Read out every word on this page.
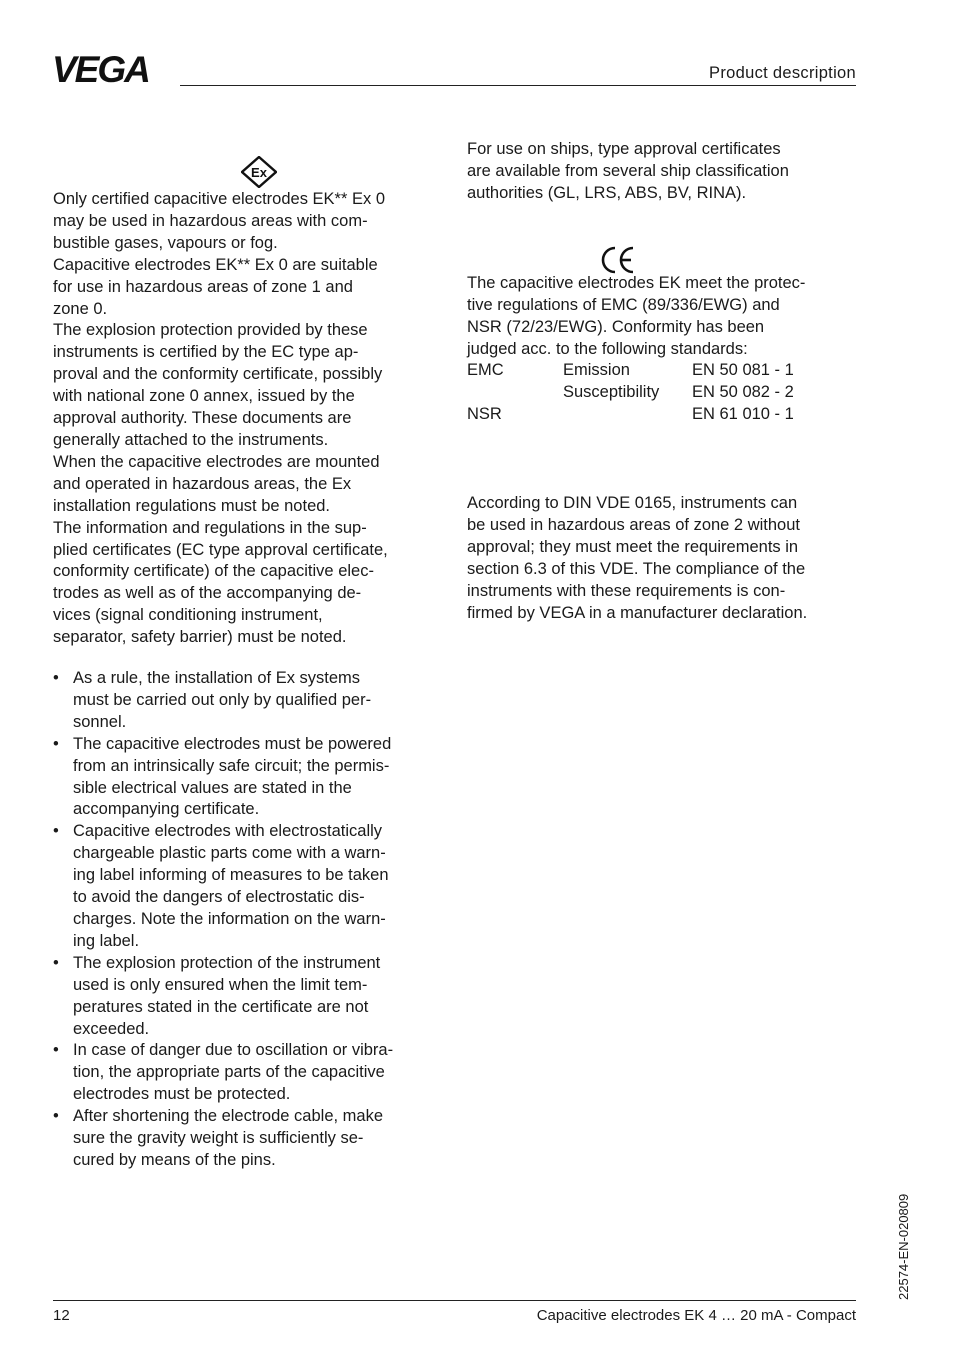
VEGA	Product description
Ex

Only certified capacitive electrodes EK** Ex 0
may be used in hazardous areas with com-
bustible gases, vapours or fog.

Capacitive electrodes EK** Ex 0 are suitable
for use in hazardous areas of zone 1 and
zone 0.

The explosion protection provided by these
instruments is certified by the EC type ap-
proval and the conformity certificate, possibly
with national zone 0 annex, issued by the
approval authority. These documents are
generally attached to the instruments.

When the capacitive electrodes are mounted
and operated in hazardous areas, the Ex
installation regulations must be noted.

The information and regulations in the sup-
plied certificates (EC type approval certificate,
conformity certificate) of the capacitive elec-
trodes as well as of the accompanying de-
vices (signal conditioning instrument,
separator, safety barrier) must be noted.

• As a rule, the installation of Ex systems
must be carried out only by qualified per-
sonnel.
• The capacitive electrodes must be powered
from an intrinsically safe circuit; the permis-
sible electrical values are stated in the
accompanying certificate.
• Capacitive electrodes with electrostatically
chargeable plastic parts come with a warn-
ing label informing of measures to be taken
to avoid the dangers of electrostatic dis-
charges. Note the information on the warn-
ing label.
• The explosion protection of the instrument
used is only ensured when the limit tem-
peratures stated in the certificate are not
exceeded.
• In case of danger due to oscillation or vibra-
tion, the appropriate parts of the capacitive
electrodes must be protected.
• After shortening the electrode cable, make
sure the gravity weight is sufficiently se-
cured by means of the pins.

For use on ships, type approval certificates
are available from several ship classification
authorities (GL, LRS, ABS, BV, RINA).

The capacitive electrodes EK meet the protec-
tive regulations of EMC (89/336/EWG) and
NSR (72/23/EWG). Conformity has been
judged acc. to the following standards:

EMC	Emission	EN 50 081 - 1
	Susceptibility	EN 50 082 - 2
NSR		EN 61 010 - 1

According to DIN VDE 0165, instruments can
be used in hazardous areas of zone 2 without
approval; they must meet the requirements in
section 6.3 of this VDE. The compliance of the
instruments with these requirements is con-
firmed by VEGA in a manufacturer declaration.

22574-EN-020809
12	Capacitive electrodes EK 4 … 20 mA - Compact
